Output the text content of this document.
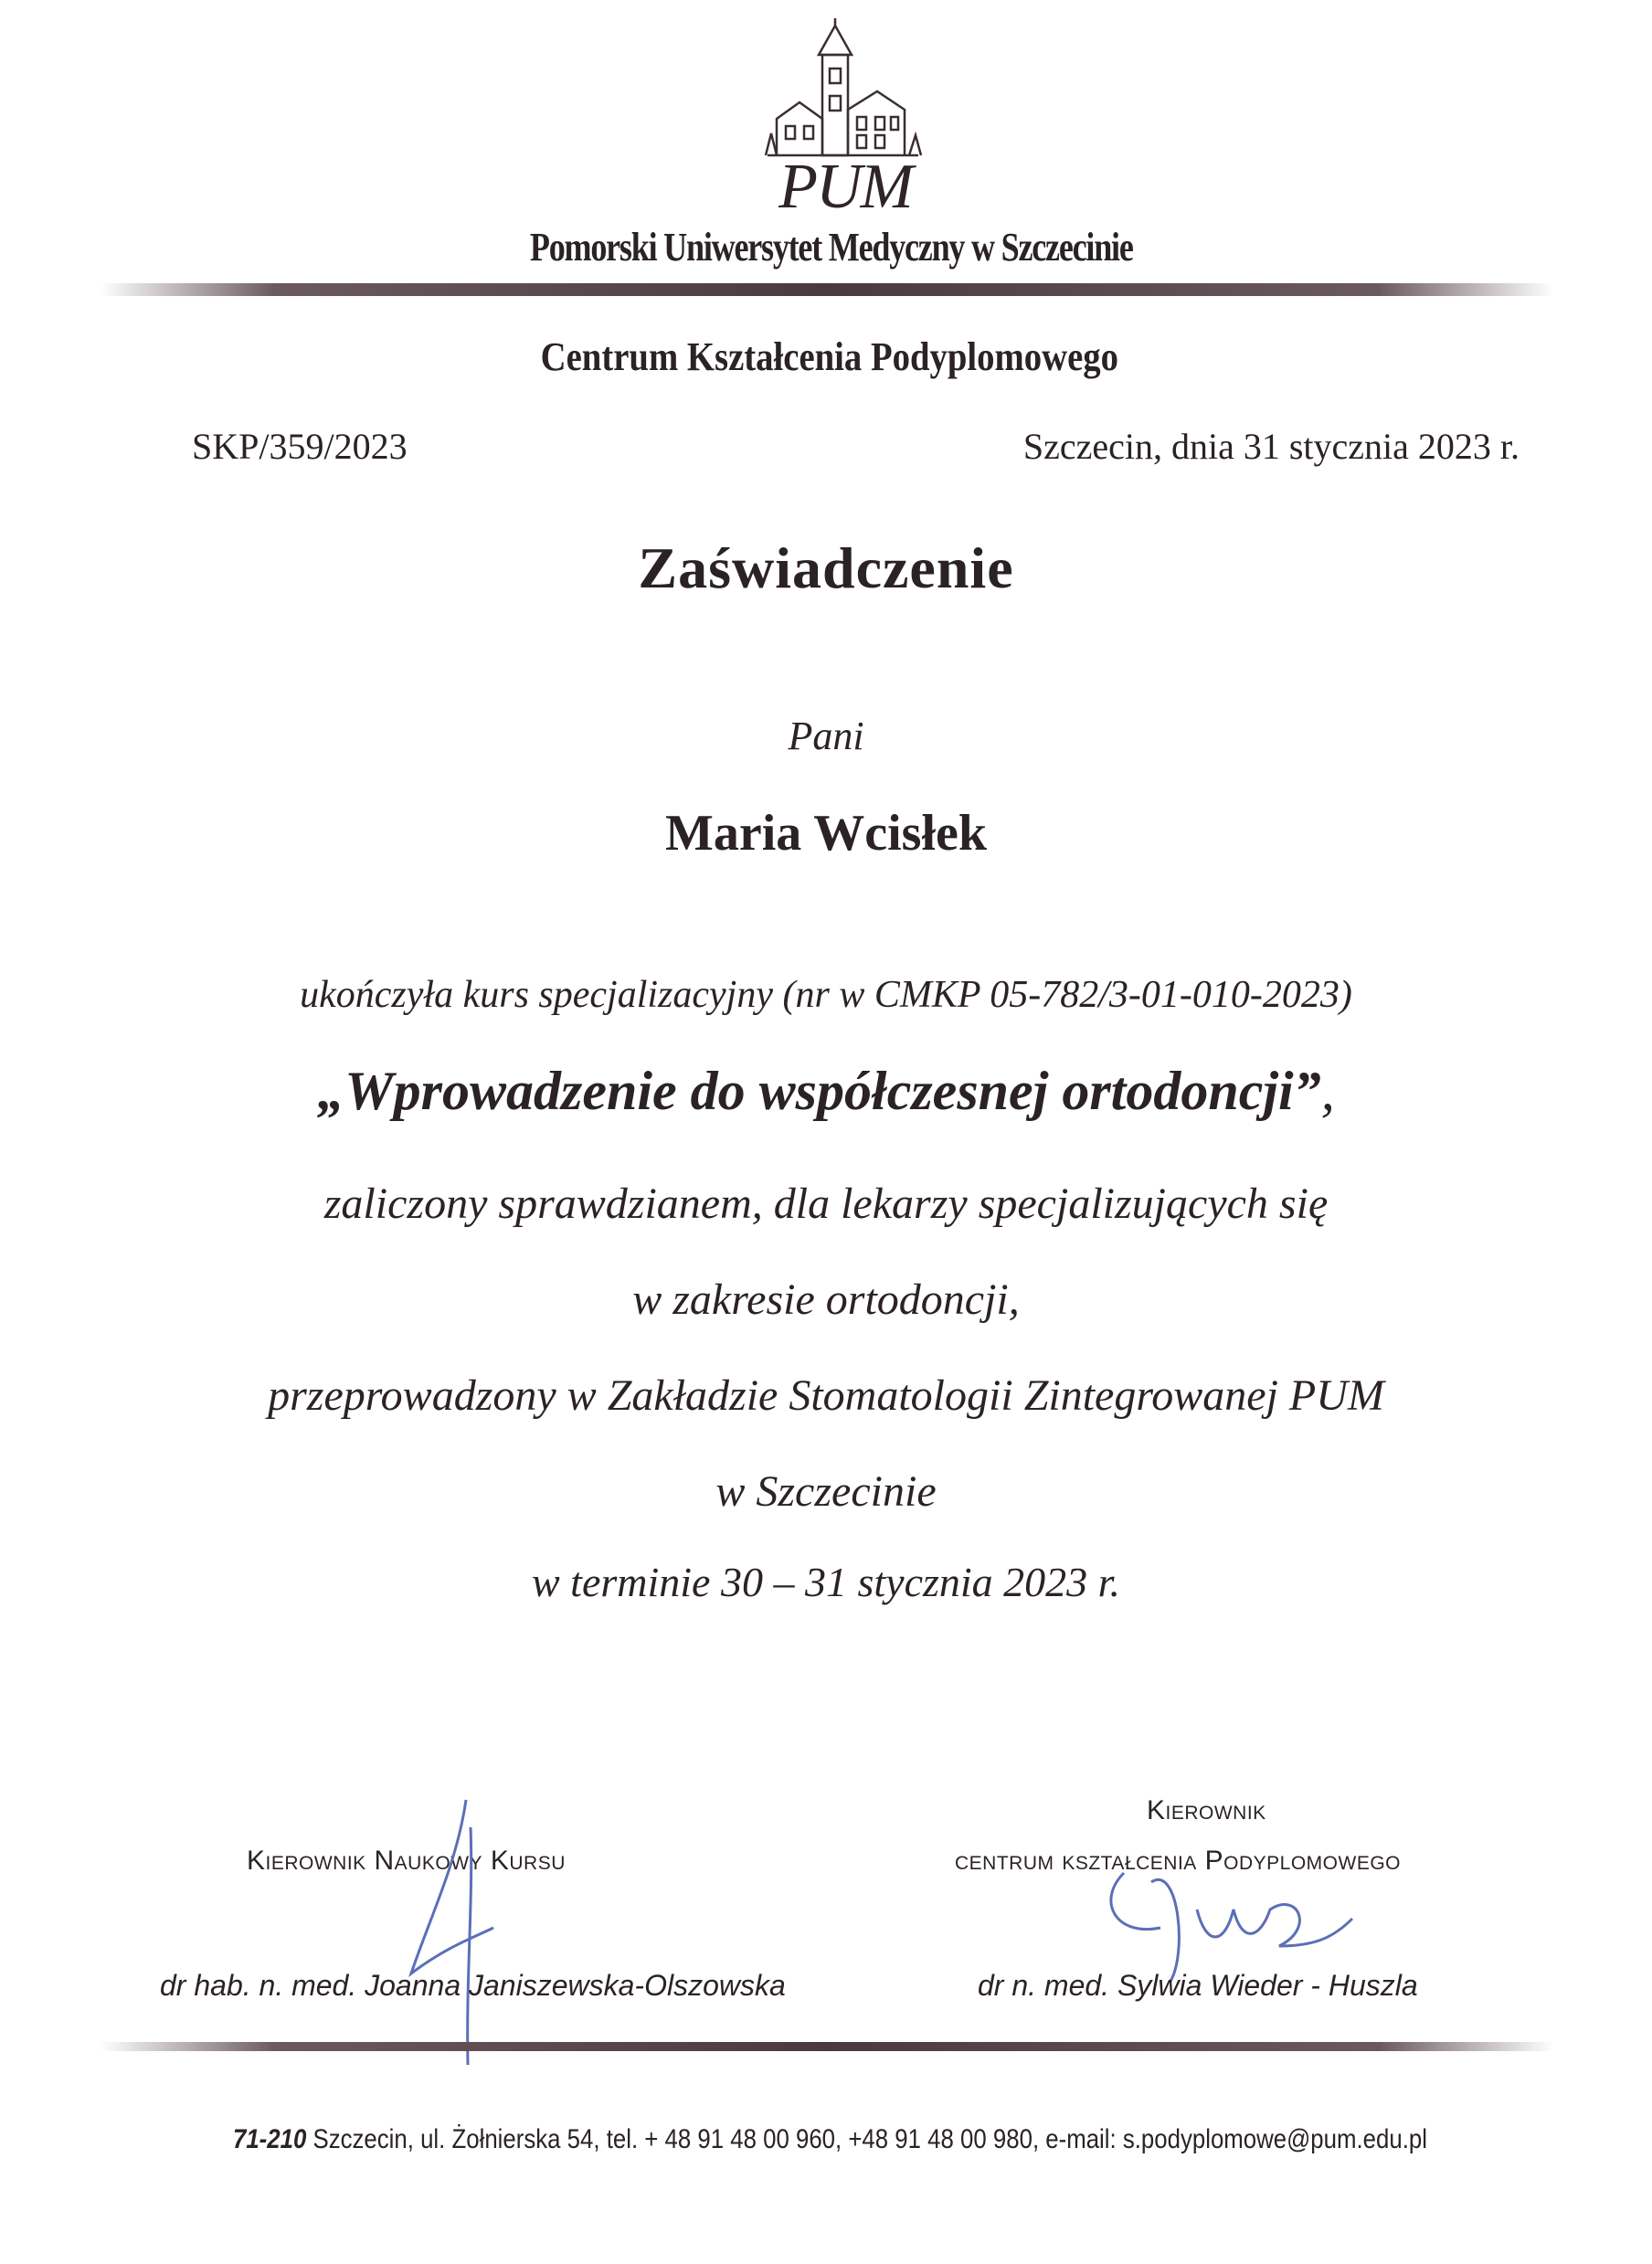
PUM
Pomorski Uniwersytet Medyczny w Szczecinie
Centrum Kształcenia Podyplomowego
SKP/359/2023	Szczecin, dnia 31 stycznia 2023 r.
Zaświadczenie
Pani
Maria Wcisłek
ukończyła kurs specjalizacyjny (nr w CMKP 05-782/3-01-010-2023)
„Wprowadzenie do współczesnej ortodoncji”,
zaliczony sprawdzianem, dla lekarzy specjalizujących się
w zakresie ortodoncji,
przeprowadzony w Zakładzie Stomatologii Zintegrowanej PUM
w Szczecinie
w terminie 30 – 31 stycznia 2023 r.
Kierownik Naukowy Kursu
Kierownik
centrum kształcenia Podyplomowego
dr hab. n. med. Joanna Janiszewska-Olszowska	dr n. med. Sylwia Wieder - Huszla
71-210 Szczecin, ul. Żołnierska 54, tel. + 48 91 48 00 960, +48 91 48 00 980, e-mail: s.podyplomowe@pum.edu.pl
